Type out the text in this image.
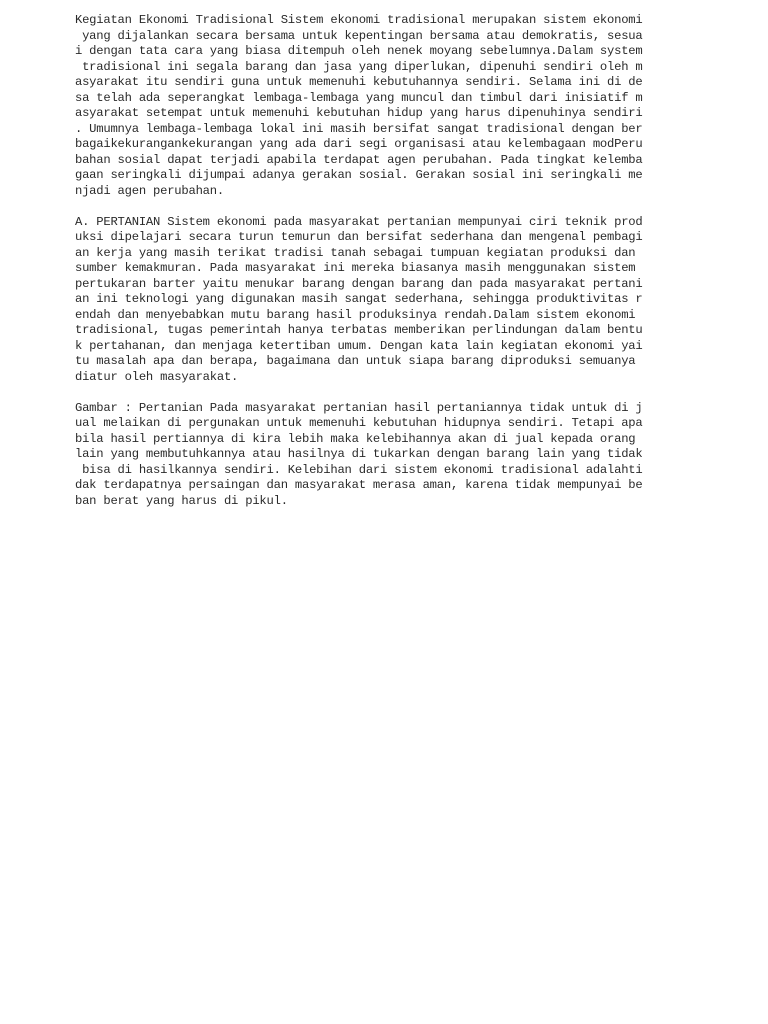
Kegiatan Ekonomi Tradisional Sistem ekonomi tradisional merupakan sistem ekonomi
yang dijalankan secara bersama untuk kepentingan bersama atau demokratis, sesua
i dengan tata cara yang biasa ditempuh oleh nenek moyang sebelumnya.Dalam system
tradisional ini segala barang dan jasa yang diperlukan, dipenuhi sendiri oleh m
asyarakat itu sendiri guna untuk memenuhi kebutuhannya sendiri. Selama ini di de
sa telah ada seperangkat lembaga-lembaga yang muncul dan timbul dari inisiatif m
asyarakat setempat untuk memenuhi kebutuhan hidup yang harus dipenuhinya sendiri
. Umumnya lembaga-lembaga lokal ini masih bersifat sangat tradisional dengan ber
bagaikekurangankekurangan yang ada dari segi organisasi atau kelembagaan modPeru
bahan sosial dapat terjadi apabila terdapat agen perubahan. Pada tingkat kelemba
gaan seringkali dijumpai adanya gerakan sosial. Gerakan sosial ini seringkali me
njadi agen perubahan.
A. PERTANIAN Sistem ekonomi pada masyarakat pertanian mempunyai ciri teknik prod
uksi dipelajari secara turun temurun dan bersifat sederhana dan mengenal pembagi
an kerja yang masih terikat tradisi tanah sebagai tumpuan kegiatan produksi dan
sumber kemakmuran. Pada masyarakat ini mereka biasanya masih menggunakan sistem
pertukaran barter yaitu menukar barang dengan barang dan pada masyarakat pertani
an ini teknologi yang digunakan masih sangat sederhana, sehingga produktivitas r
endah dan menyebabkan mutu barang hasil produksinya rendah.Dalam sistem ekonomi
tradisional, tugas pemerintah hanya terbatas memberikan perlindungan dalam bentu
k pertahanan, dan menjaga ketertiban umum. Dengan kata lain kegiatan ekonomi yai
tu masalah apa dan berapa, bagaimana dan untuk siapa barang diproduksi semuanya
diatur oleh masyarakat.
Gambar : Pertanian Pada masyarakat pertanian hasil pertaniannya tidak untuk di j
ual melaikan di pergunakan untuk memenuhi kebutuhan hidupnya sendiri. Tetapi apa
bila hasil pertiannya di kira lebih maka kelebihannya akan di jual kepada orang
lain yang membutuhkannya atau hasilnya di tukarkan dengan barang lain yang tidak
bisa di hasilkannya sendiri. Kelebihan dari sistem ekonomi tradisional adalahti
dak terdapatnya persaingan dan masyarakat merasa aman, karena tidak mempunyai be
ban berat yang harus di pikul.
